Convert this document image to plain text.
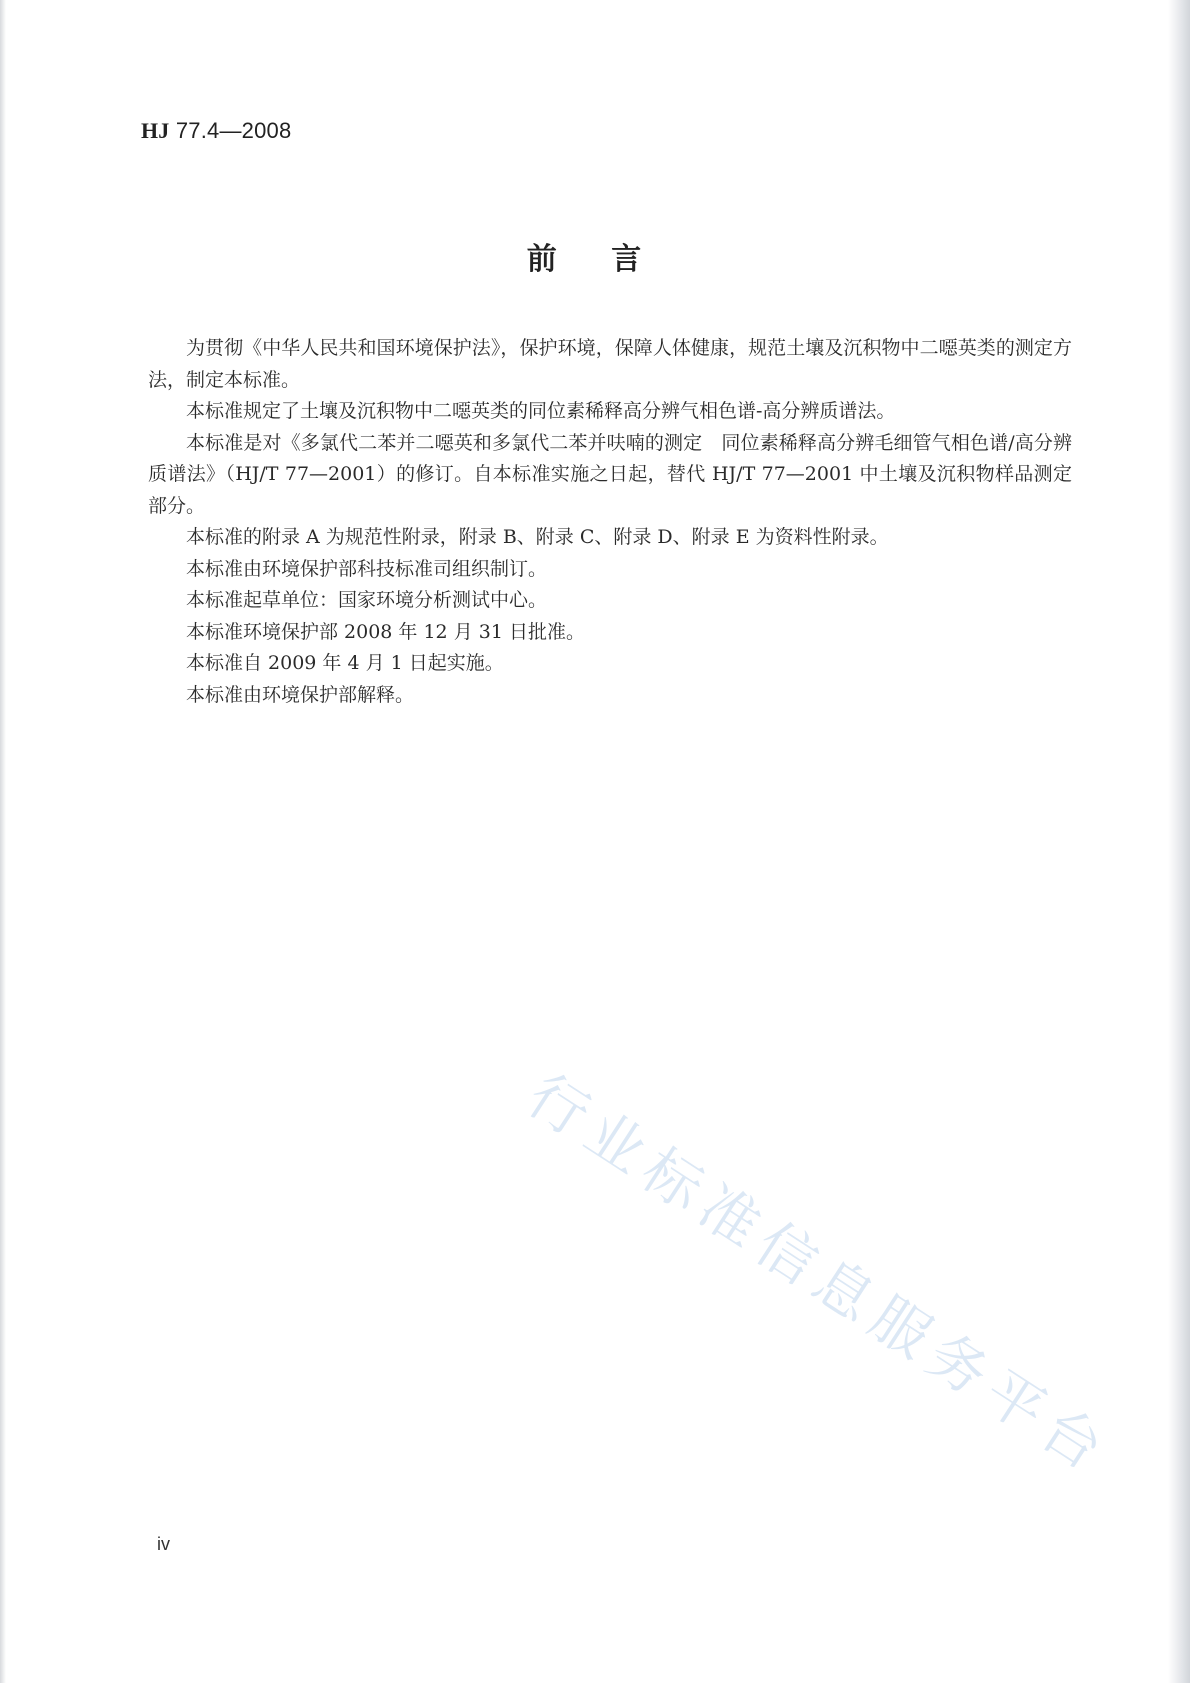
HJ 77.4—2008
前 言

为贯彻《中华人民共和国环境保护法》，保护环境，保障人体健康，规范土壤及沉积物中二噁英类的测定方法，制定本标准。

本标准规定了土壤及沉积物中二噁英类的同位素稀释高分辨气相色谱-高分辨质谱法。

本标准是对《多氯代二苯并二噁英和多氯代二苯并呋喃的测定　同位素稀释高分辨毛细管气相色谱/高分辨质谱法》（HJ/T 77—2001）的修订。自本标准实施之日起，替代 HJ/T 77—2001 中土壤及沉积物样品测定部分。

本标准的附录 A 为规范性附录，附录 B、附录 C、附录 D、附录 E 为资料性附录。

本标准由环境保护部科技标准司组织制订。

本标准起草单位：国家环境分析测试中心。

本标准环境保护部 2008 年 12 月 31 日批准。

本标准自 2009 年 4 月 1 日起实施。

本标准由环境保护部解释。

行业标准信息服务平台
iv
